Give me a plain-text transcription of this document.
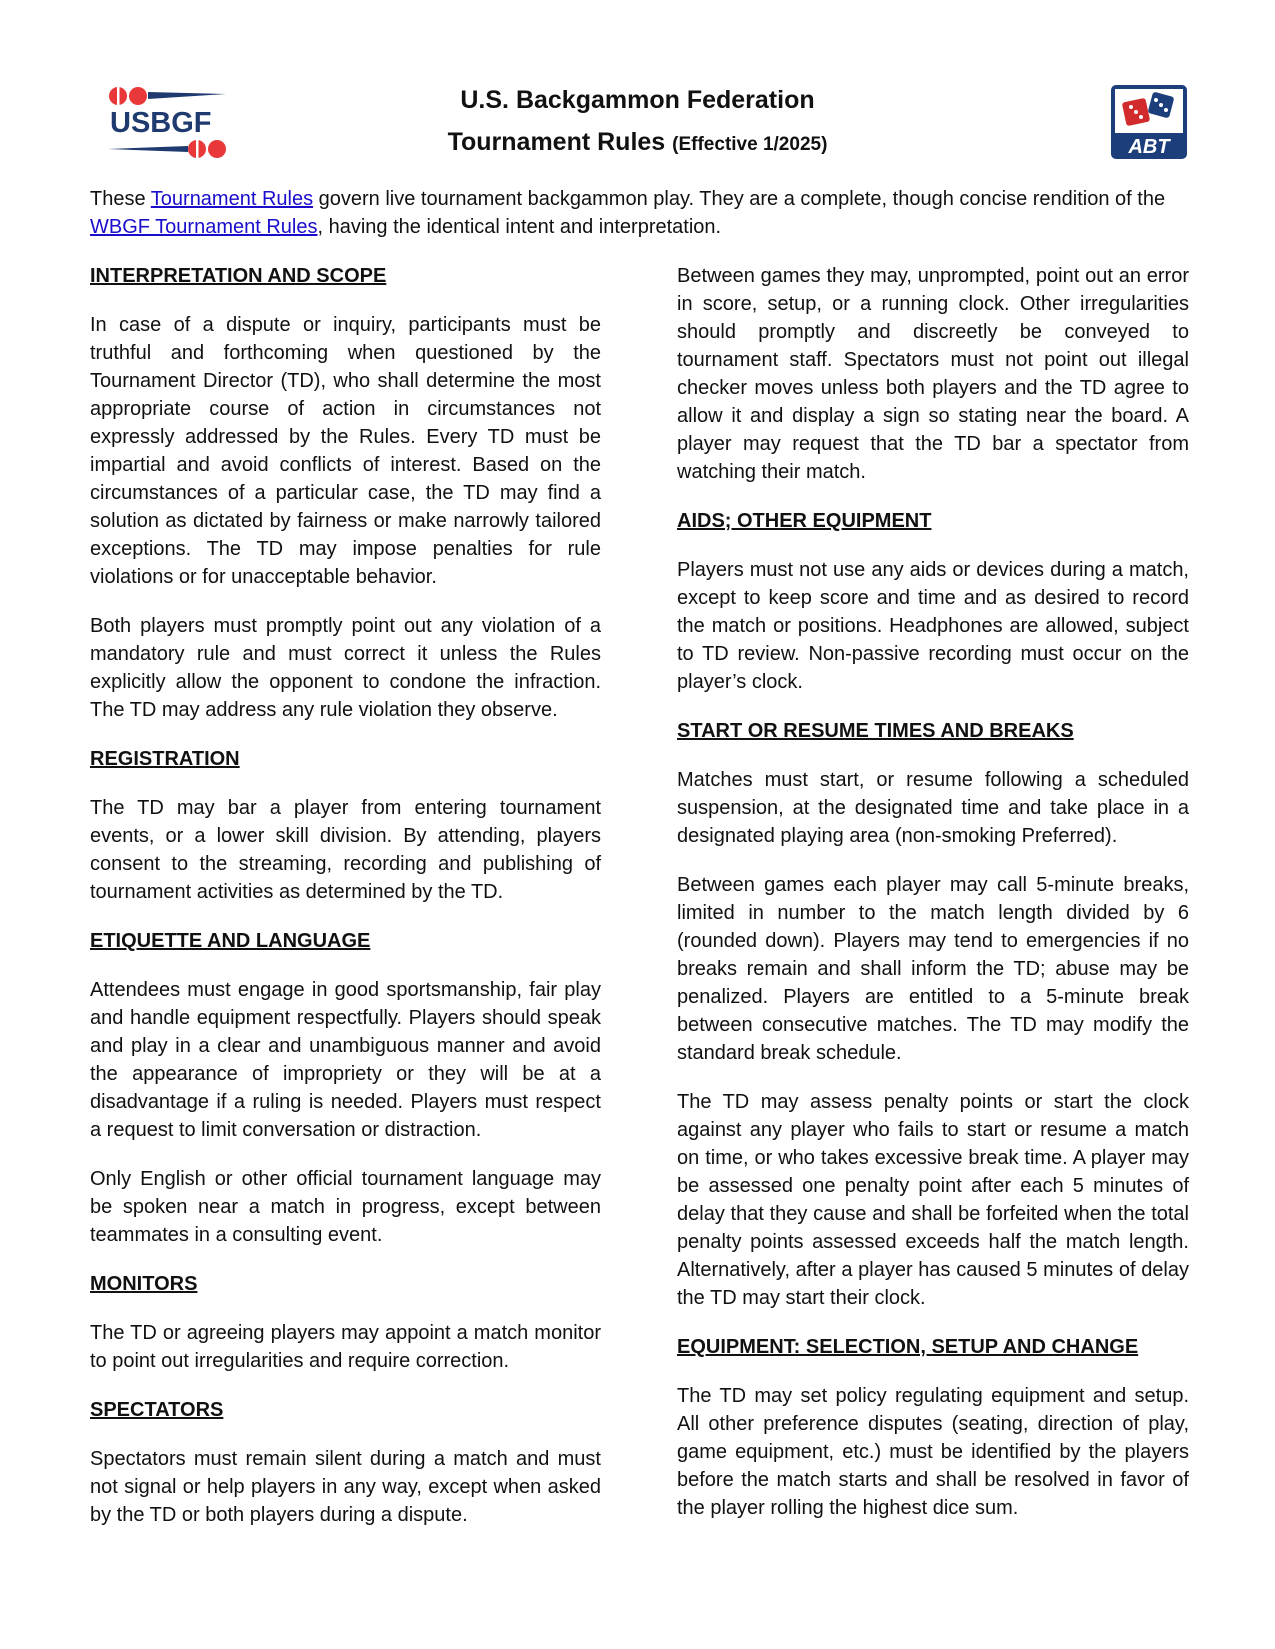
USBGF
U.S. Backgammon Federation
Tournament Rules (Effective 1/2025)	ABT
These Tournament Rules govern live tournament backgammon play. They are a complete, though concise rendition of the WBGF Tournament Rules, having the identical intent and interpretation.
INTERPRETATION AND SCOPE

In case of a dispute or inquiry, participants must be truthful and forthcoming when questioned by the Tournament Director (TD), who shall determine the most appropriate course of action in circumstances not expressly addressed by the Rules. Every TD must be impartial and avoid conflicts of interest. Based on the circumstances of a particular case, the TD may find a solution as dictated by fairness or make narrowly tailored exceptions. The TD may impose penalties for rule violations or for unacceptable behavior.

Both players must promptly point out any violation of a mandatory rule and must correct it unless the Rules explicitly allow the opponent to condone the infraction. The TD may address any rule violation they observe.

REGISTRATION

The TD may bar a player from entering tournament events, or a lower skill division. By attending, players consent to the streaming, recording and publishing of tournament activities as determined by the TD.

ETIQUETTE AND LANGUAGE

Attendees must engage in good sportsmanship, fair play and handle equipment respectfully. Players should speak and play in a clear and unambiguous manner and avoid the appearance of impropriety or they will be at a disadvantage if a ruling is needed. Players must respect a request to limit conversation or distraction.

Only English or other official tournament language may be spoken near a match in progress, except between teammates in a consulting event.

MONITORS

The TD or agreeing players may appoint a match monitor to point out irregularities and require correction.

SPECTATORS

Spectators must remain silent during a match and must not signal or help players in any way, except when asked by the TD or both players during a dispute.

Between games they may, unprompted, point out an error in score, setup, or a running clock. Other irregularities should promptly and discreetly be conveyed to tournament staff. Spectators must not point out illegal checker moves unless both players and the TD agree to allow it and display a sign so stating near the board. A player may request that the TD bar a spectator from watching their match.

AIDS; OTHER EQUIPMENT

Players must not use any aids or devices during a match, except to keep score and time and as desired to record the match or positions. Headphones are allowed, subject to TD review. Non-passive recording must occur on the player’s clock.

START OR RESUME TIMES AND BREAKS

Matches must start, or resume following a scheduled suspension, at the designated time and take place in a designated playing area (non-smoking Preferred).

Between games each player may call 5-minute breaks, limited in number to the match length divided by 6 (rounded down). Players may tend to emergencies if no breaks remain and shall inform the TD; abuse may be penalized. Players are entitled to a 5-minute break between consecutive matches. The TD may modify the standard break schedule.

The TD may assess penalty points or start the clock against any player who fails to start or resume a match on time, or who takes excessive break time. A player may be assessed one penalty point after each 5 minutes of delay that they cause and shall be forfeited when the total penalty points assessed exceeds half the match length. Alternatively, after a player has caused 5 minutes of delay the TD may start their clock.

EQUIPMENT: SELECTION, SETUP AND CHANGE

The TD may set policy regulating equipment and setup. All other preference disputes (seating, direction of play, game equipment, etc.) must be identified by the players before the match starts and shall be resolved in favor of the player rolling the highest dice sum.
